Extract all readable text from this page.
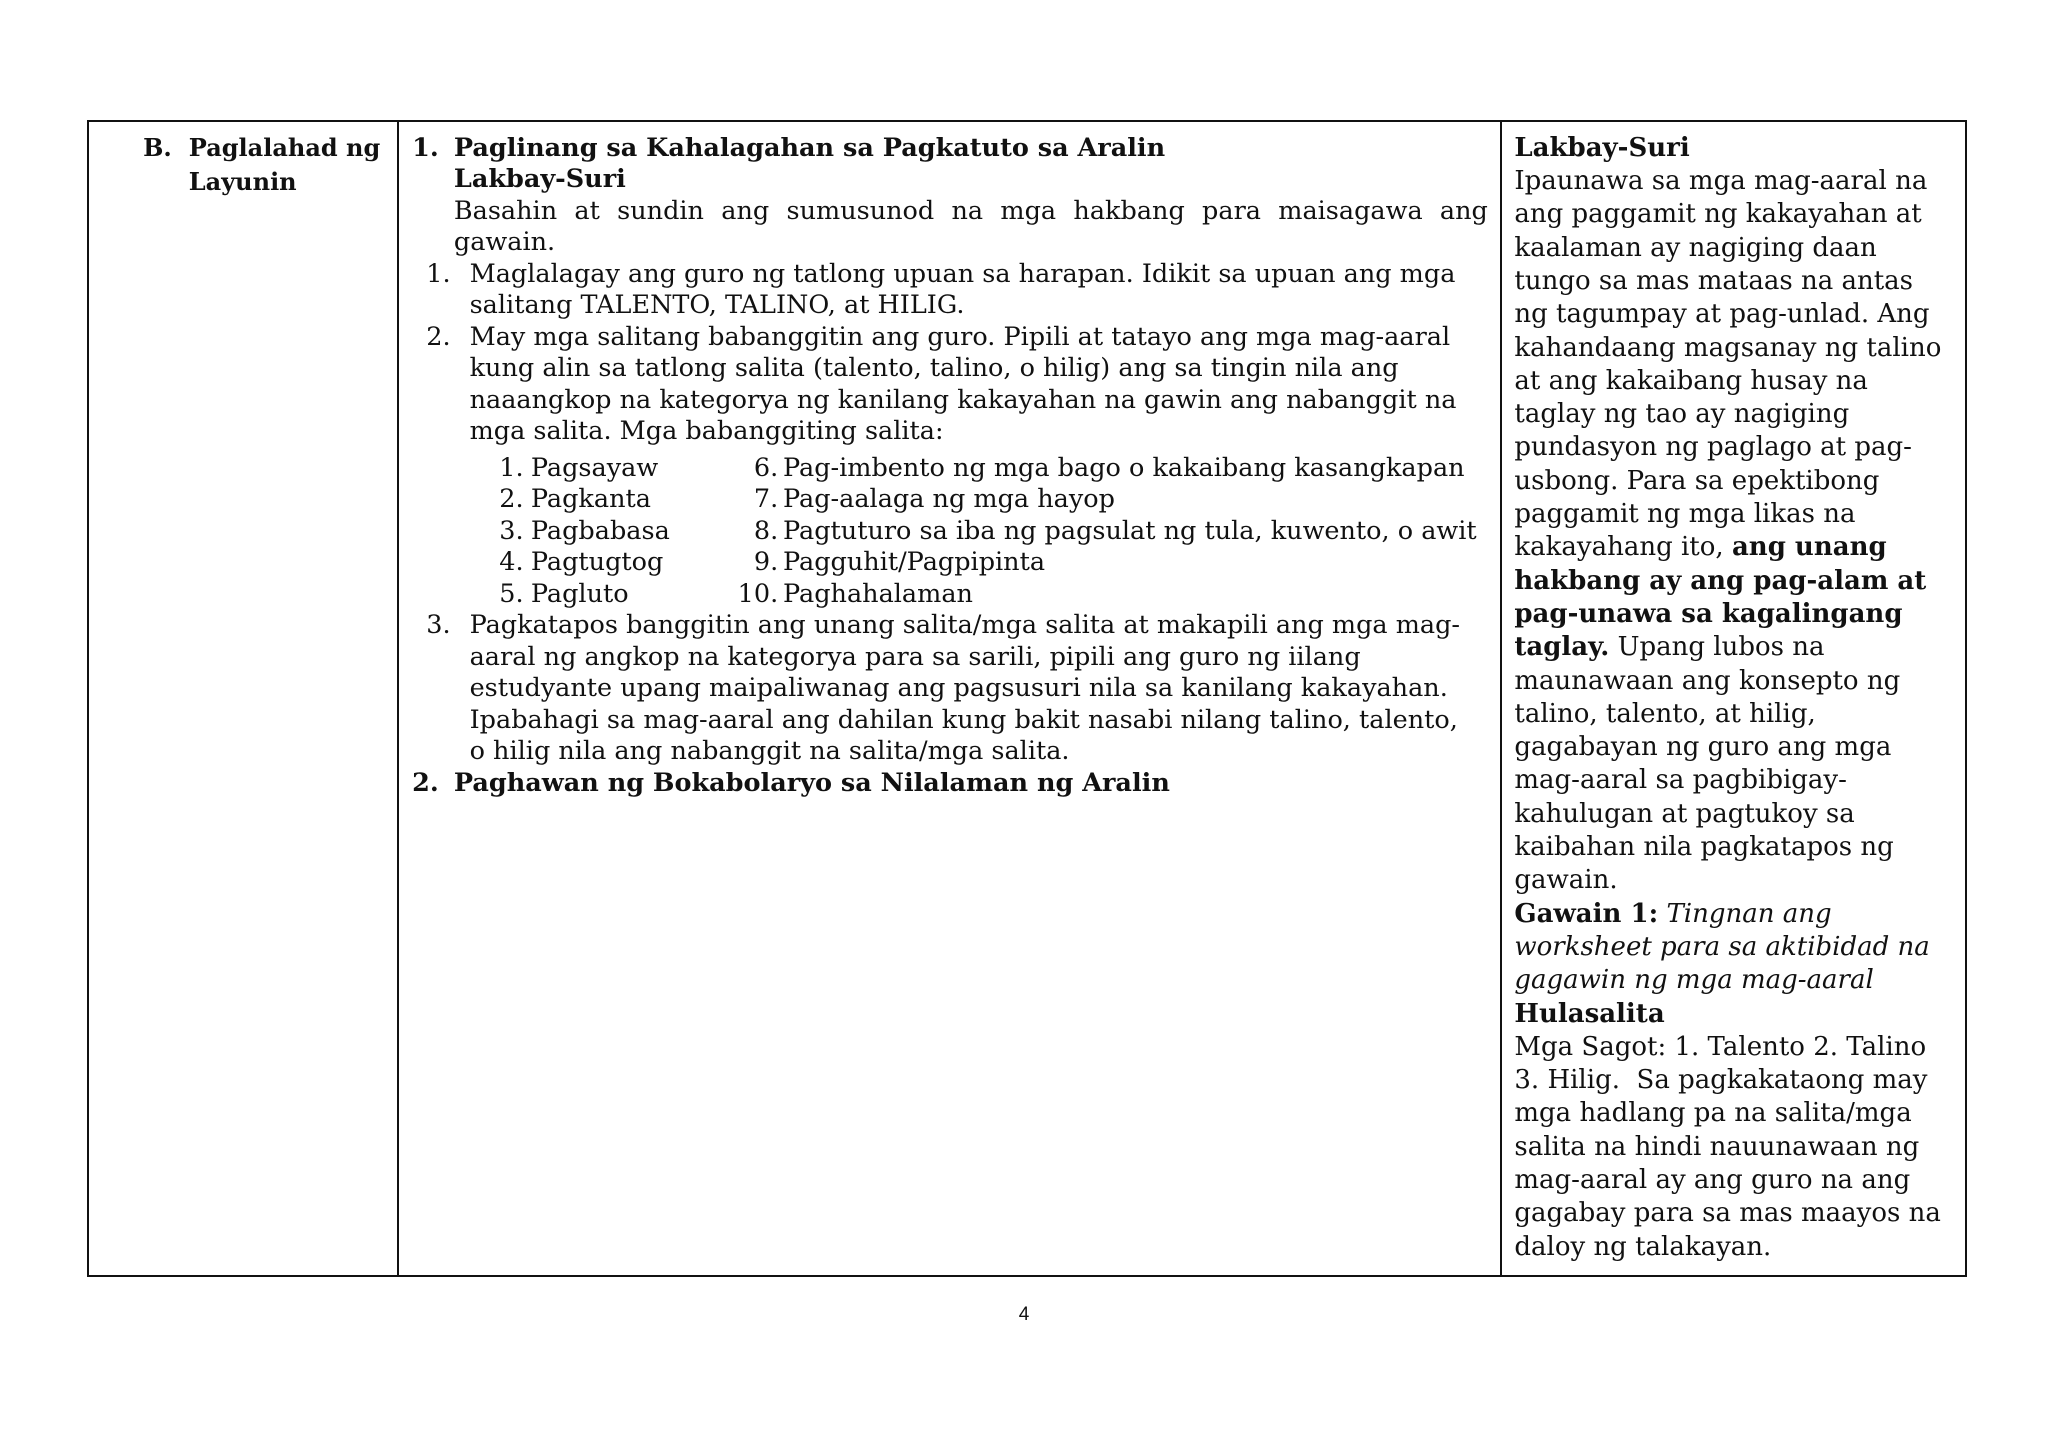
B. Paglalahad ng
Layunin
1. Paglinang sa Kahalagahan sa Pagkatuto sa Aralin
Lakbay-Suri
Basahin at sundin ang sumusunod na mga hakbang para maisagawa ang
gawain.
1. Maglalagay ang guro ng tatlong upuan sa harapan. Idikit sa upuan ang mga
salitang TALENTO, TALINO, at HILIG.
2. May mga salitang babanggitin ang guro. Pipili at tatayo ang mga mag-aaral
kung alin sa tatlong salita (talento, talino, o hilig) ang sa tingin nila ang
naaangkop na kategorya ng kanilang kakayahan na gawin ang nabanggit na
mga salita. Mga babanggiting salita:
1. Pagsayaw	6. Pag-imbento ng mga bago o kakaibang kasangkapan
2. Pagkanta	7. Pag-aalaga ng mga hayop
3. Pagbabasa	8. Pagtuturo sa iba ng pagsulat ng tula, kuwento, o awit
4. Pagtugtog	9. Pagguhit/Pagpipinta
5. Pagluto	10. Paghahalaman
3. Pagkatapos banggitin ang unang salita/mga salita at makapili ang mga mag-
aaral ng angkop na kategorya para sa sarili, pipili ang guro ng iilang
estudyante upang maipaliwanag ang pagsusuri nila sa kanilang kakayahan.
Ipabahagi sa mag-aaral ang dahilan kung bakit nasabi nilang talino, talento,
o hilig nila ang nabanggit na salita/mga salita.
2. Paghawan ng Bokabolaryo sa Nilalaman ng Aralin
Lakbay-Suri
Ipaunawa sa mga mag-aaral na
ang paggamit ng kakayahan at
kaalaman ay nagiging daan
tungo sa mas mataas na antas
ng tagumpay at pag-unlad. Ang
kahandaang magsanay ng talino
at ang kakaibang husay na
taglay ng tao ay nagiging
pundasyon ng paglago at pag-
usbong. Para sa epektibong
paggamit ng mga likas na
kakayahang ito, ang unang
hakbang ay ang pag-alam at
pag-unawa sa kagalingang
taglay. Upang lubos na
maunawaan ang konsepto ng
talino, talento, at hilig,
gagabayan ng guro ang mga
mag-aaral sa pagbibigay-
kahulugan at pagtukoy sa
kaibahan nila pagkatapos ng
gawain.
Gawain 1: Tingnan ang
worksheet para sa aktibidad na
gagawin ng mga mag-aaral
Hulasalita
Mga Sagot: 1. Talento 2. Talino
3. Hilig.  Sa pagkakataong may
mga hadlang pa na salita/mga
salita na hindi nauunawaan ng
mag-aaral ay ang guro na ang
gagabay para sa mas maayos na
daloy ng talakayan.
4
